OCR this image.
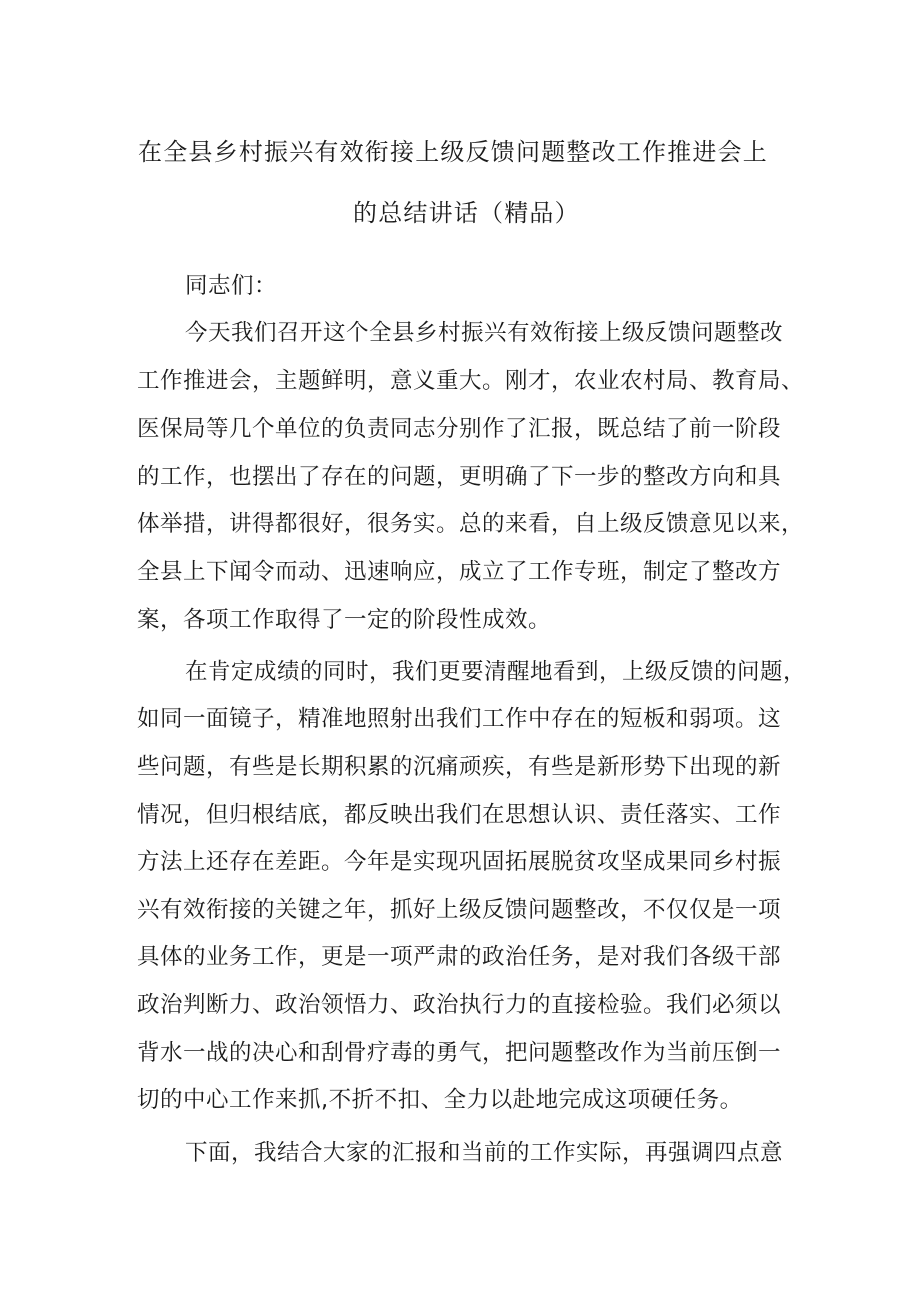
在全县乡村振兴有效衔接上级反馈问题整改工作推进会上
的总结讲话（精品）
同志们：
今天我们召开这个全县乡村振兴有效衔接上级反馈问题整改
工作推进会，主题鲜明，意义重大。刚才，农业农村局、教育局、
医保局等几个单位的负责同志分别作了汇报，既总结了前一阶段
的工作，也摆出了存在的问题，更明确了下一步的整改方向和具
体举措，讲得都很好，很务实。总的来看，自上级反馈意见以来，
全县上下闻令而动、迅速响应，成立了工作专班，制定了整改方
案，各项工作取得了一定的阶段性成效。
在肯定成绩的同时，我们更要清醒地看到，上级反馈的问题，
如同一面镜子，精准地照射出我们工作中存在的短板和弱项。这
些问题，有些是长期积累的沉痛顽疾，有些是新形势下出现的新
情况，但归根结底，都反映出我们在思想认识、责任落实、工作
方法上还存在差距。今年是实现巩固拓展脱贫攻坚成果同乡村振
兴有效衔接的关键之年，抓好上级反馈问题整改，不仅仅是一项
具体的业务工作，更是一项严肃的政治任务，是对我们各级干部
政治判断力、政治领悟力、政治执行力的直接检验。我们必须以
背水一战的决心和刮骨疗毒的勇气，把问题整改作为当前压倒一
切的中心工作来抓,不折不扣、全力以赴地完成这项硬任务。
下面，我结合大家的汇报和当前的工作实际，再强调四点意
